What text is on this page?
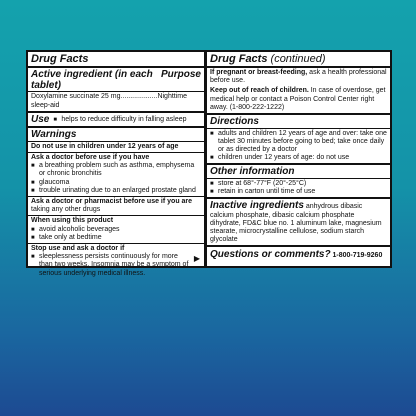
Drug Facts
Active ingredient (in each tablet)
Purpose
Doxylamine succinate 25 mg...................Nighttime sleep-aid
Use
■	helps to reduce difficulty in falling asleep
Warnings
Do not use in children under 12 years of age
Ask a doctor before use if you have
■ a breathing problem such as asthma, emphysema or chronic bronchitis
■ glaucoma
■ trouble urinating due to an enlarged prostate gland
Ask a doctor or pharmacist before use if you are taking any other drugs
When using this product
■ avoid alcoholic beverages
■ take only at bedtime
Stop use and ask a doctor if
■ sleeplessness persists continuously for more than two weeks. Insomnia may be a symptom of serious underlying medical illness.
▶
Drug Facts (continued)
If pregnant or breast-feeding, ask a health professional before use.
Keep out of reach of children. In case of overdose, get medical help or contact a Poison Control Center right away. (1-800-222-1222)
Directions
■ adults and children 12 years of age and over: take one tablet 30 minutes before going to bed; take once daily or as directed by a doctor
■ children under 12 years of age: do not use
Other information
■ store at 68°-77°F (20°-25°C)
■ retain in carton until time of use
Inactive ingredients anhydrous dibasic calcium phosphate, dibasic calcium phosphate dihydrate, FD&C blue no. 1 aluminum lake, magnesium stearate, microcrystalline cellulose, sodium starch glycolate
Questions or comments? 1-800-719-9260
